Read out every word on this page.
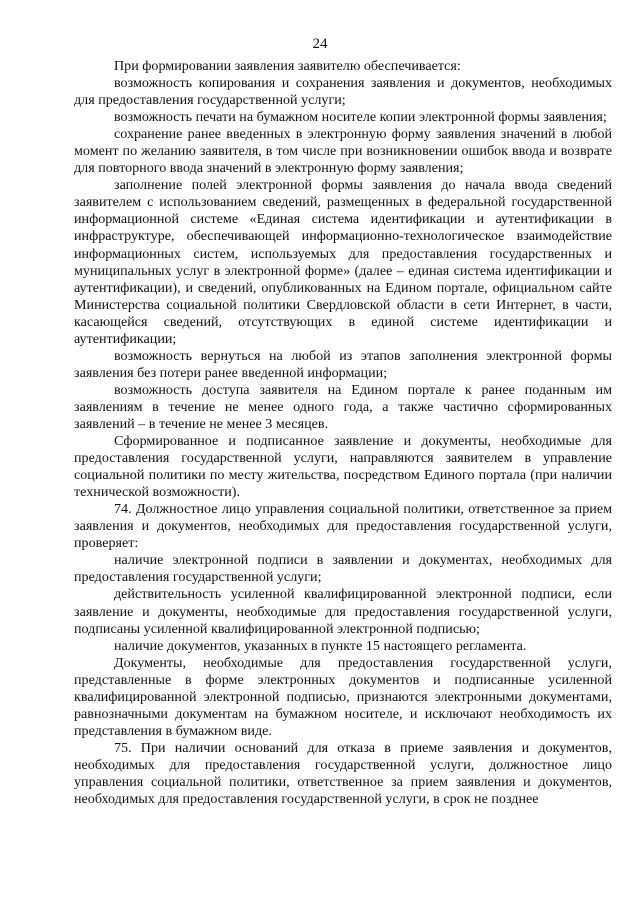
24

При формировании заявления заявителю обеспечивается:

возможность копирования и сохранения заявления и документов, необходимых для предоставления государственной услуги;

возможность печати на бумажном носителе копии электронной формы заявления;

сохранение ранее введенных в электронную форму заявления значений в любой момент по желанию заявителя, в том числе при возникновении ошибок ввода и возврате для повторного ввода значений в электронную форму заявления;

заполнение полей электронной формы заявления до начала ввода сведений заявителем с использованием сведений, размещенных в федеральной государственной информационной системе «Единая система идентификации и аутентификации в инфраструктуре, обеспечивающей информационно-технологическое взаимодействие информационных систем, используемых для предоставления государственных и муниципальных услуг в электронной форме» (далее – единая система идентификации и аутентификации), и сведений, опубликованных на Едином портале, официальном сайте Министерства социальной политики Свердловской области в сети Интернет, в части, касающейся сведений, отсутствующих в единой системе идентификации и аутентификации;

возможность вернуться на любой из этапов заполнения электронной формы заявления без потери ранее введенной информации;

возможность доступа заявителя на Едином портале к ранее поданным им заявлениям в течение не менее одного года, а также частично сформированных заявлений – в течение не менее 3 месяцев.

Сформированное и подписанное заявление и документы, необходимые для предоставления государственной услуги, направляются заявителем в управление социальной политики по месту жительства, посредством Единого портала (при наличии технической возможности).

74. Должностное лицо управления социальной политики, ответственное за прием заявления и документов, необходимых для предоставления государственной услуги, проверяет:

наличие электронной подписи в заявлении и документах, необходимых для предоставления государственной услуги;

действительность усиленной квалифицированной электронной подписи, если заявление и документы, необходимые для предоставления государственной услуги, подписаны усиленной квалифицированной электронной подписью;

наличие документов, указанных в пункте 15 настоящего регламента.

Документы, необходимые для предоставления государственной услуги, представленные в форме электронных документов и подписанные усиленной квалифицированной электронной подписью, признаются электронными документами, равнозначными документам на бумажном носителе, и исключают необходимость их представления в бумажном виде.

75. При наличии оснований для отказа в приеме заявления и документов, необходимых для предоставления государственной услуги, должностное лицо управления социальной политики, ответственное за прием заявления и документов, необходимых для предоставления государственной услуги, в срок не позднее
